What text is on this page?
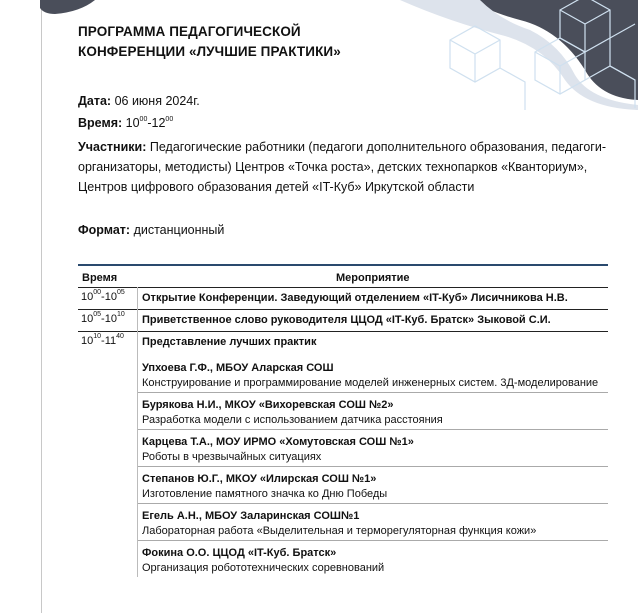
ПРОГРАММА ПЕДАГОГИЧЕСКОЙ
КОНФЕРЕНЦИИ «ЛУЧШИЕ ПРАКТИКИ»
Дата: 06 июня 2024г.
Время: $10^{00}-12^{00}$
Участники: Педагогические работники (педагоги дополнительного образования, педагоги- организаторы, методисты) Центров «Точка роста», детских технопарков «Кванториум», Центров цифрового образования детей «IT-Куб» Иркутской области
Формат: дистанционный
Время	Мероприятие
$10^{00}-10^{05}$	Открытие Конференции. Заведующий отделением «IT-Куб» Лисичникова Н.В.
$10^{05}-10^{10}$	Приветственное слово руководителя ЦЦОД «IT-Куб. Братск» Зыковой С.И.
$10^{10}-11^{40}$	Представление лучших практик

	Упхоева Г.Ф., МБОУ Аларская СОШ
Конструирование и программирование моделей инженерных систем. 3Д-моделирование

	Бурякова Н.И., МКОУ «Вихоревская СОШ №2»
Разработка модели с использованием датчика расстояния

	Карцева Т.А., МОУ ИРМО «Хомутовская СОШ №1»
Роботы в чрезвычайных ситуациях

	Степанов Ю.Г., МКОУ «Илирская СОШ №1»
Изготовление памятного значка ко Дню Победы

	Егель А.Н., МБОУ Заларинская СОШ№1
Лабораторная работа «Выделительная и терморегуляторная функция кожи»

	Фокина О.О. ЦЦОД «IT-Куб. Братск»
Организация робототехнических соревнований
